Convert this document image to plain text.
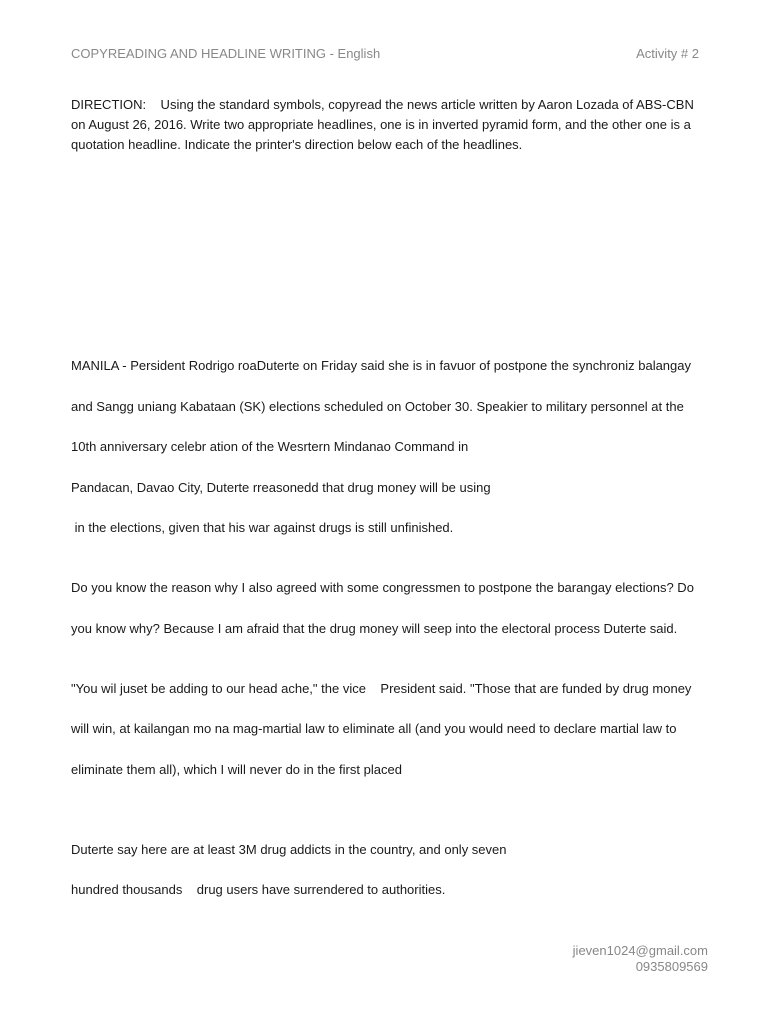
COPYREADING AND HEADLINE WRITING - English	Activity # 2
DIRECTION:    Using the standard symbols, copyread the news article written by Aaron Lozada of ABS-CBN on August 26, 2016. Write two appropriate headlines, one is in inverted pyramid form, and the other one is a quotation headline. Indicate the printer's direction below each of the headlines.
MANILA - Persident Rodrigo roaDuterte on Friday said she is in favuor of postpone the synchroniz balangay
and Sangg uniang Kabataan (SK) elections scheduled on October 30. Speakier to military personnel at the
10th anniversary celebr ation of the Wesrtern Mindanao Command in
Pandacan, Davao City, Duterte rreasonedd that drug money will be using
in the elections, given that his war against drugs is still unfinished.
Do you know the reason why I also agreed with some congressmen to postpone the barangay elections? Do
you know why? Because I am afraid that the drug money will seep into the electoral process Duterte said.
"You wil juset be adding to our head ache," the vice    President said. "Those that are funded by drug money
will win, at kailangan mo na mag-martial law to eliminate all (and you would need to declare martial law to
eliminate them all), which I will never do in the first placed
Duterte say here are at least 3M drug addicts in the country, and only seven
hundred thousands    drug users have surrendered to authorities.
jieven1024@gmail.com
0935809569
